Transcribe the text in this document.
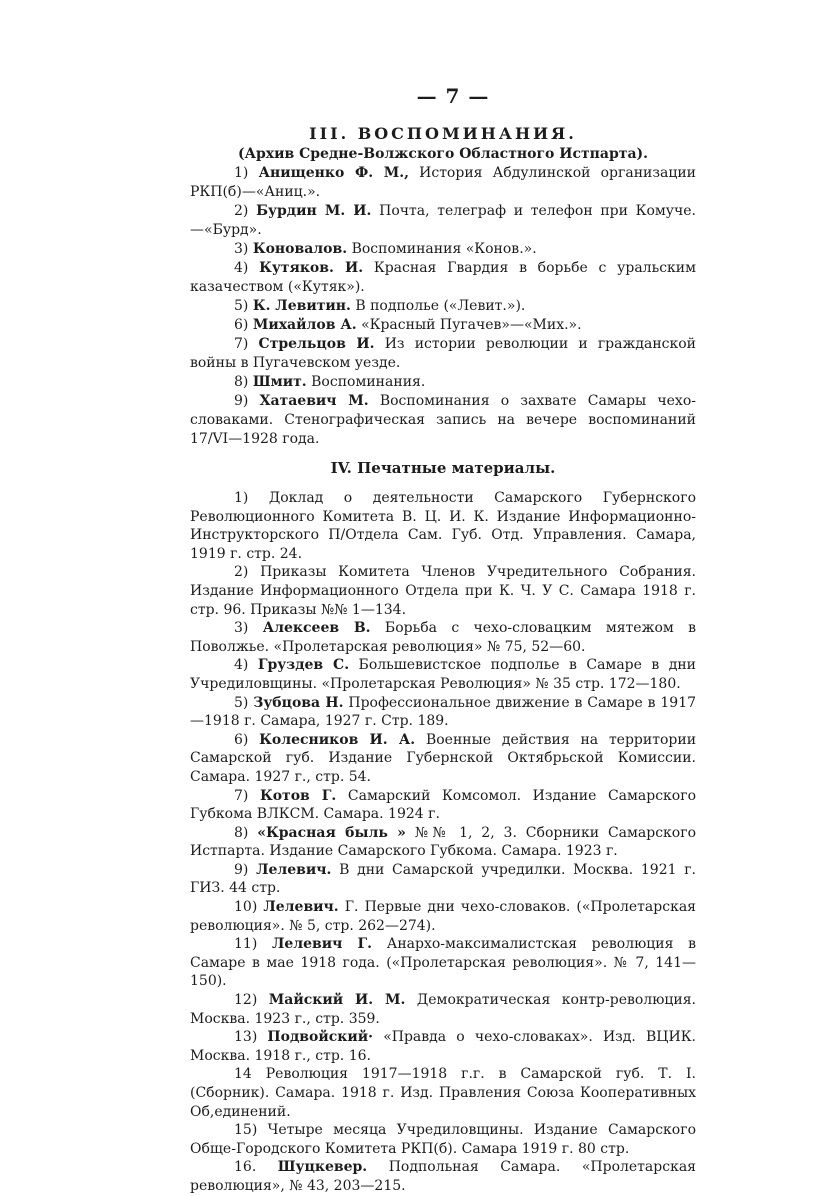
— 7 —
III. ВОСПОМИНАНИЯ.
(Архив Средне-Волжского Областного Истпарта).

1) Анищенко Ф. М., История Абдулинской организации РКП(б)—«Аниц.».

2) Бурдин М. И. Почта, телеграф и телефон при Комуче.—«Бурд».

3) Коновалов. Воспоминания «Конов.».

4) Кутяков. И. Красная Гвардия в борьбе с уральским казачеством («Кутяк»).

5) К. Левитин. В подполье («Левит.»).

6) Михайлов А. «Красный Пугачев»—«Мих.».

7) Стрельцов И. Из истории революции и гражданской войны в Пугачевском уезде.

8) Шмит. Воспоминания.

9) Хатаевич М. Воспоминания о захвате Самары чехо-словаками. Стенографическая запись на вечере воспоминаний 17/VI—1928 года.

IV. Печатные материалы.

1) Доклад о деятельности Самарского Губернского Революционного Комитета В. Ц. И. К. Издание Информационно-Инструкторского П/Отдела Сам. Губ. Отд. Управления. Самара, 1919 г. стр. 24.

2) Приказы Комитета Членов Учредительного Собрания. Издание Информационного Отдела при К. Ч. У С. Самара 1918 г. стр. 96. Приказы №№ 1—134.

3) Алексеев В. Борьба с чехо-словацким мятежом в Поволжье. «Пролетарская революция» № 75, 52—60.

4) Груздев С. Большевистское подполье в Самаре в дни Учредиловщины. «Пролетарская Революция» № 35 стр. 172—180.

5) Зубцова Н. Профессиональное движение в Самаре в 1917—1918 г. Самара, 1927 г. Стр. 189.

6) Колесников И. А. Военные действия на территории Самарской губ. Издание Губернской Октябрьской Комиссии. Самара. 1927 г., стр. 54.

7) Котов Г. Самарский Комсомол. Издание Самарского Губкома ВЛКСМ. Самара. 1924 г.

8) «Красная быль » №№ 1, 2, 3. Сборники Самарского Истпарта. Издание Самарского Губкома. Самара. 1923 г.

9) Лелевич. В дни Самарской учредилки. Москва. 1921 г. ГИЗ. 44 стр.

10) Лелевич. Г. Первые дни чехо-словаков. («Пролетарская революция». № 5, стр. 262—274).

11) Лелевич Г. Анархо-максималистская революция в Самаре в мае 1918 года. («Пролетарская революция». № 7, 141—150).

12) Майский И. М. Демократическая контр-революция. Москва. 1923 г., стр. 359.

13) Подвойский· «Правда о чехо-словаках». Изд. ВЦИК. Москва. 1918 г., стр. 16.

14 Революция 1917—1918 г.г. в Самарской губ. Т. I. (Сборник). Самара. 1918 г. Изд. Правления Союза Кооперативных Об,единений.

15) Четыре месяца Учредиловщины. Издание Самарского Обще-Городского Комитета РКП(б). Самара 1919 г. 80 стр.

16. Шуцкевер. Подпольная Самара. «Пролетарская революция», № 43, 203—215.
